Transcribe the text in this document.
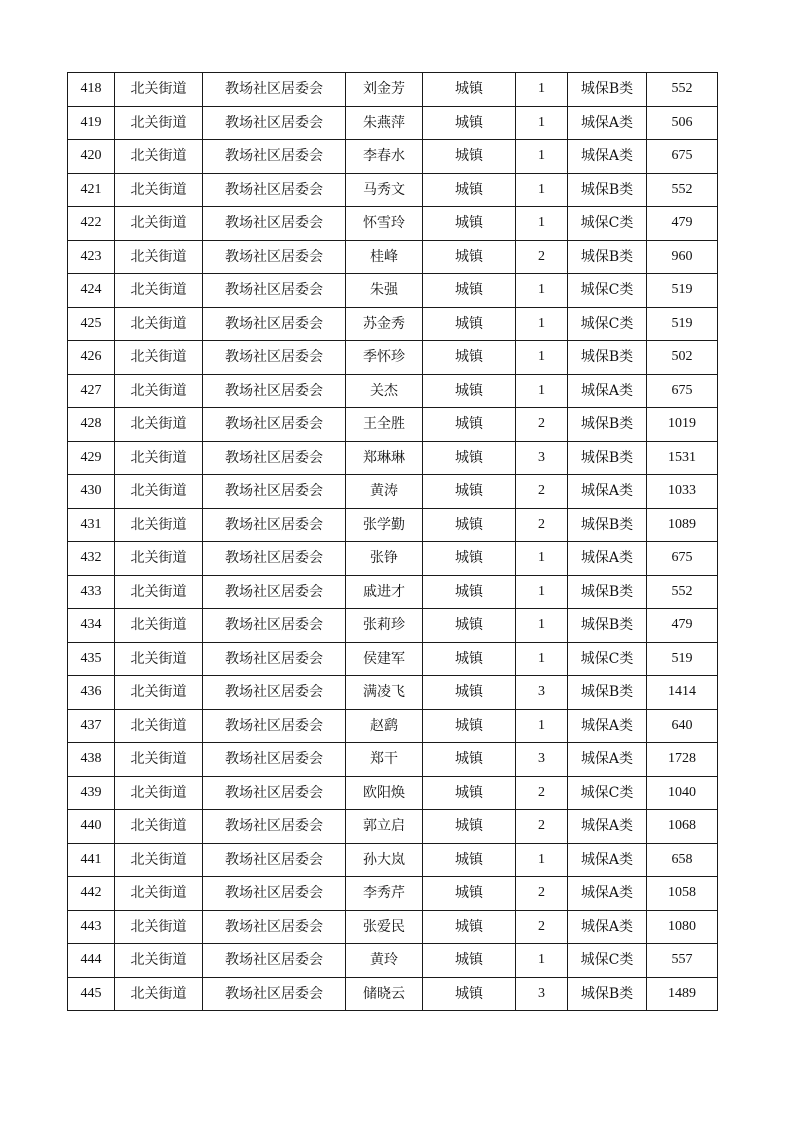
418	北关街道	教场社区居委会	刘金芳	城镇	1	城保B类	552
419	北关街道	教场社区居委会	朱燕萍	城镇	1	城保A类	506
420	北关街道	教场社区居委会	李春水	城镇	1	城保A类	675
421	北关街道	教场社区居委会	马秀文	城镇	1	城保B类	552
422	北关街道	教场社区居委会	怀雪玲	城镇	1	城保C类	479
423	北关街道	教场社区居委会	桂峰	城镇	2	城保B类	960
424	北关街道	教场社区居委会	朱强	城镇	1	城保C类	519
425	北关街道	教场社区居委会	苏金秀	城镇	1	城保C类	519
426	北关街道	教场社区居委会	季怀珍	城镇	1	城保B类	502
427	北关街道	教场社区居委会	关杰	城镇	1	城保A类	675
428	北关街道	教场社区居委会	王全胜	城镇	2	城保B类	1019
429	北关街道	教场社区居委会	郑琳琳	城镇	3	城保B类	1531
430	北关街道	教场社区居委会	黄涛	城镇	2	城保A类	1033
431	北关街道	教场社区居委会	张学勤	城镇	2	城保B类	1089
432	北关街道	教场社区居委会	张铮	城镇	1	城保A类	675
433	北关街道	教场社区居委会	戚进才	城镇	1	城保B类	552
434	北关街道	教场社区居委会	张莉珍	城镇	1	城保B类	479
435	北关街道	教场社区居委会	侯建军	城镇	1	城保C类	519
436	北关街道	教场社区居委会	满凌飞	城镇	3	城保B类	1414
437	北关街道	教场社区居委会	赵鹞	城镇	1	城保A类	640
438	北关街道	教场社区居委会	郑干	城镇	3	城保A类	1728
439	北关街道	教场社区居委会	欧阳焕	城镇	2	城保C类	1040
440	北关街道	教场社区居委会	郭立启	城镇	2	城保A类	1068
441	北关街道	教场社区居委会	孙大岚	城镇	1	城保A类	658
442	北关街道	教场社区居委会	李秀芹	城镇	2	城保A类	1058
443	北关街道	教场社区居委会	张爱民	城镇	2	城保A类	1080
444	北关街道	教场社区居委会	黄玲	城镇	1	城保C类	557
445	北关街道	教场社区居委会	储晓云	城镇	3	城保B类	1489
